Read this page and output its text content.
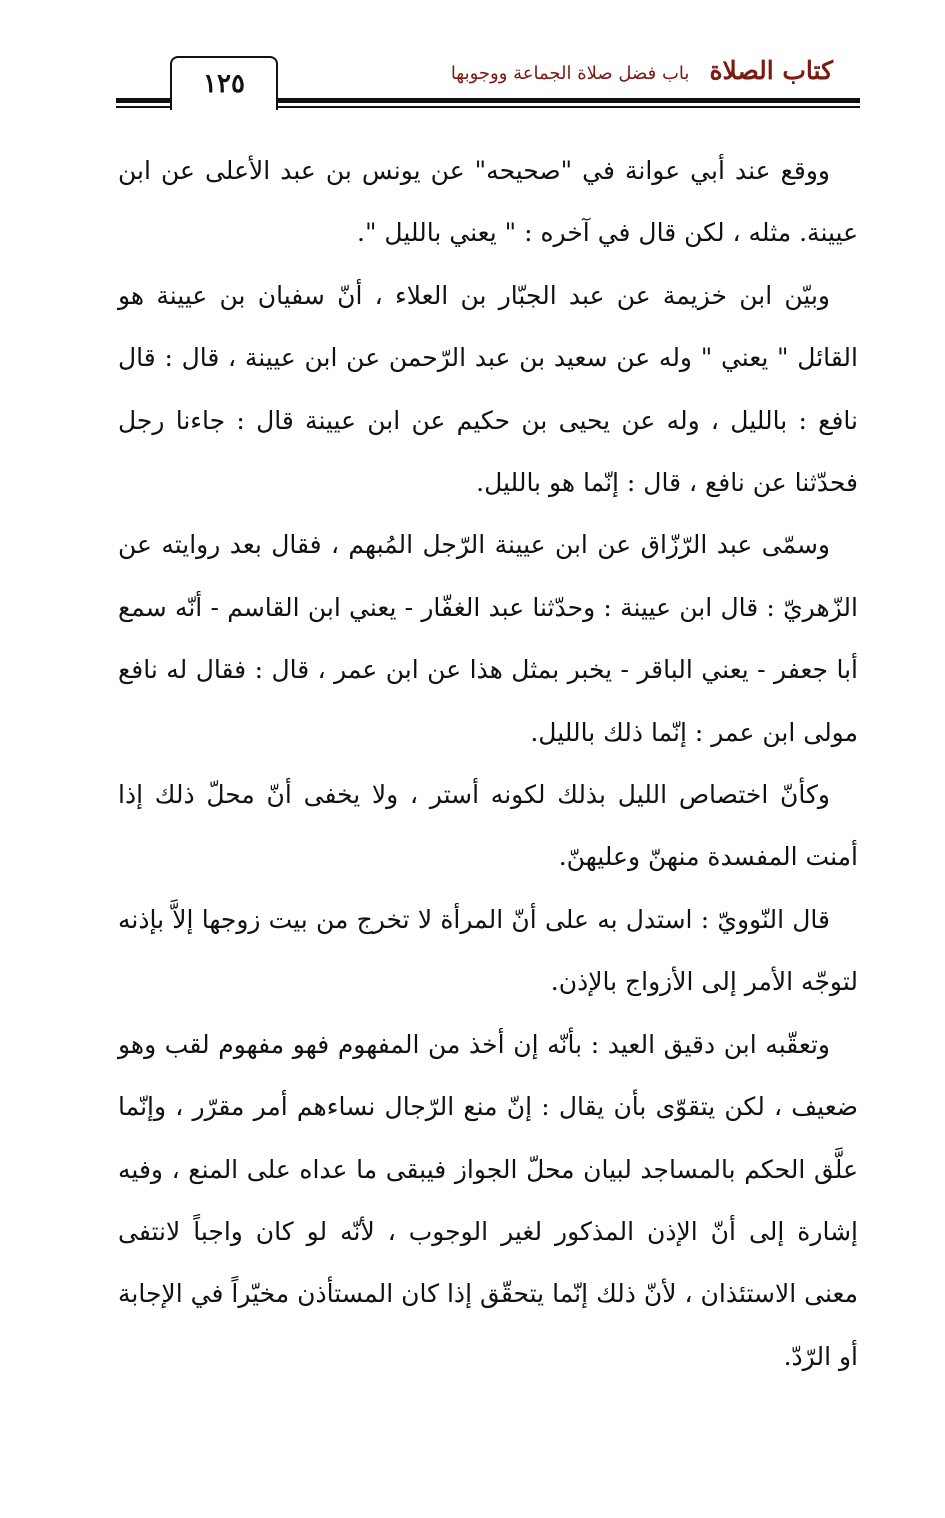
١٢٥	كتاب الصلاة
باب فضل صلاة الجماعة ووجوبها

ووقع عند أبي عوانة في "صحيحه" عن يونس بن عبد الأعلى عن ابن عيينة. مثله ، لكن قال في آخره : " يعني بالليل ".

وبيّن ابن خزيمة عن عبد الجبّار بن العلاء ، أنّ سفيان بن عيينة هو القائل " يعني " وله عن سعيد بن عبد الرّحمن عن ابن عيينة ، قال : قال نافع : بالليل ، وله عن يحيى بن حكيم عن ابن عيينة قال : جاءنا رجل فحدّثنا عن نافع ، قال : إنّما هو بالليل.

وسمّى عبد الرّزّاق عن ابن عيينة الرّجل المُبهم ، فقال بعد روايته عن الزّهريّ : قال ابن عيينة : وحدّثنا عبد الغفّار - يعني ابن القاسم - أنّه سمع أبا جعفر - يعني الباقر - يخبر بمثل هذا عن ابن عمر ، قال : فقال له نافع مولى ابن عمر : إنّما ذلك بالليل.

وكأنّ اختصاص الليل بذلك لكونه أستر ، ولا يخفى أنّ محلّ ذلك إذا أمنت المفسدة منهنّ وعليهنّ.

قال النّوويّ : استدل به على أنّ المرأة لا تخرج من بيت زوجها إلاَّ بإذنه لتوجّه الأمر إلى الأزواج بالإذن.

وتعقّبه ابن دقيق العيد : بأنّه إن أخذ من المفهوم فهو مفهوم لقب وهو ضعيف ، لكن يتقوّى بأن يقال : إنّ منع الرّجال نساءهم أمر مقرّر ، وإنّما علَّق الحكم بالمساجد لبيان محلّ الجواز فيبقى ما عداه على المنع ، وفيه إشارة إلى أنّ الإذن المذكور لغير الوجوب ، لأنّه لو كان واجباً لانتفى معنى الاستئذان ، لأنّ ذلك إنّما يتحقّق إذا كان المستأذن مخيّراً في الإجابة أو الرّدّ.
